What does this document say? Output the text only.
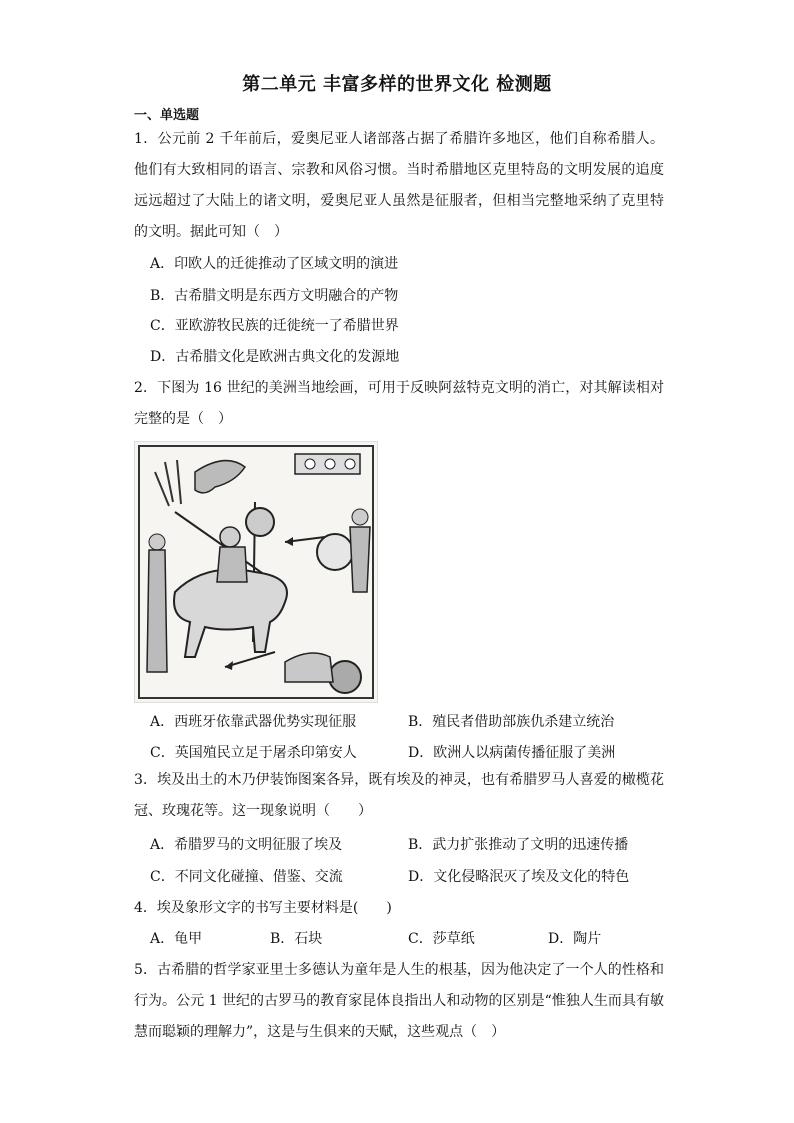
第二单元 丰富多样的世界文化 检测题
一、单选题
1．公元前 2 千年前后，爱奥尼亚人诸部落占据了希腊许多地区，他们自称希腊人。他们有大致相同的语言、宗教和风俗习惯。当时希腊地区克里特岛的文明发展的追度远远超过了大陆上的诸文明，爱奥尼亚人虽然是征服者，但相当完整地采纳了克里特的文明。据此可知（　）
A．印欧人的迁徙推动了区域文明的演进
B．古希腊文明是东西方文明融合的产物
C．亚欧游牧民族的迁徙统一了希腊世界
D．古希腊文化是欧洲古典文化的发源地
2．下图为 16 世纪的美洲当地绘画，可用于反映阿兹特克文明的消亡，对其解读相对完整的是（　）
A．西班牙依靠武器优势实现征服	B．殖民者借助部族仇杀建立统治
C．英国殖民立足于屠杀印第安人	D．欧洲人以病菌传播征服了美洲
3．埃及出土的木乃伊装饰图案各异，既有埃及的神灵，也有希腊罗马人喜爱的橄榄花冠、玫瑰花等。这一现象说明（　　）
A．希腊罗马的文明征服了埃及	B．武力扩张推动了文明的迅速传播
C．不同文化碰撞、借鉴、交流	D．文化侵略泯灭了埃及文化的特色
4．埃及象形文字的书写主要材料是(　　)
A．龟甲	B．石块	C．莎草纸	D．陶片
5．古希腊的哲学家亚里士多德认为童年是人生的根基，因为他决定了一个人的性格和行为。公元 1 世纪的古罗马的教育家昆体良指出人和动物的区别是“惟独人生而具有敏慧而聪颖的理解力”，这是与生俱来的天赋，这些观点（　）
